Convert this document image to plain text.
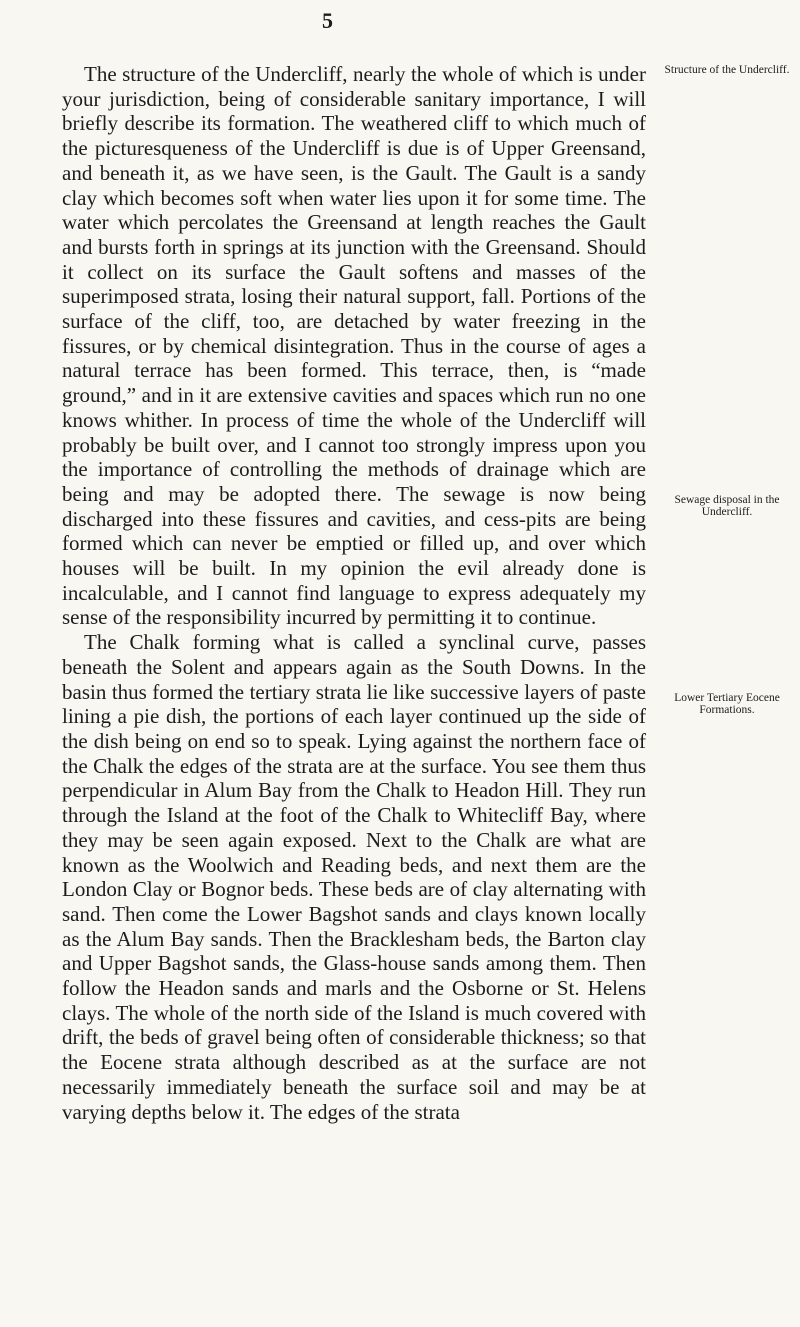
5

The structure of the Undercliff, nearly the whole of which is under your jurisdiction, being of considerable sanitary importance, I will briefly describe its formation. The weathered cliff to which much of the picturesqueness of the Undercliff is due is of Upper Greensand, and beneath it, as we have seen, is the Gault. The Gault is a sandy clay which becomes soft when water lies upon it for some time. The water which percolates the Greensand at length reaches the Gault and bursts forth in springs at its junction with the Greensand. Should it collect on its surface the Gault softens and masses of the superimposed strata, losing their natural support, fall. Portions of the surface of the cliff, too, are detached by water freezing in the fissures, or by chemical disintegration. Thus in the course of ages a natural terrace has been formed. This terrace, then, is “made ground,” and in it are extensive cavities and spaces which run no one knows whither. In process of time the whole of the Undercliff will probably be built over, and I cannot too strongly impress upon you the importance of controlling the methods of drainage which are being and may be adopted there. The sewage is now being discharged into these fissures and cavities, and cess-pits are being formed which can never be emptied or filled up, and over which houses will be built. In my opinion the evil already done is incalculable, and I cannot find language to express adequately my sense of the responsibility incurred by permitting it to continue.

The Chalk forming what is called a synclinal curve, passes beneath the Solent and appears again as the South Downs. In the basin thus formed the tertiary strata lie like successive layers of paste lining a pie dish, the portions of each layer continued up the side of the dish being on end so to speak. Lying against the northern face of the Chalk the edges of the strata are at the surface. You see them thus perpendicular in Alum Bay from the Chalk to Headon Hill. They run through the Island at the foot of the Chalk to Whitecliff Bay, where they may be seen again exposed. Next to the Chalk are what are known as the Woolwich and Reading beds, and next them are the London Clay or Bognor beds. These beds are of clay alternating with sand. Then come the Lower Bagshot sands and clays known locally as the Alum Bay sands. Then the Bracklesham beds, the Barton clay and Upper Bagshot sands, the Glass-house sands among them. Then follow the Headon sands and marls and the Osborne or St. Helens clays. The whole of the north side of the Island is much covered with drift, the beds of gravel being often of considerable thickness; so that the Eocene strata although described as at the surface are not necessarily immediately beneath the surface soil and may be at varying depths below it. The edges of the strata

Structure of the Undercliff.
Sewage disposal in the Undercliff.
Lower Tertiary Eocene Formations.
